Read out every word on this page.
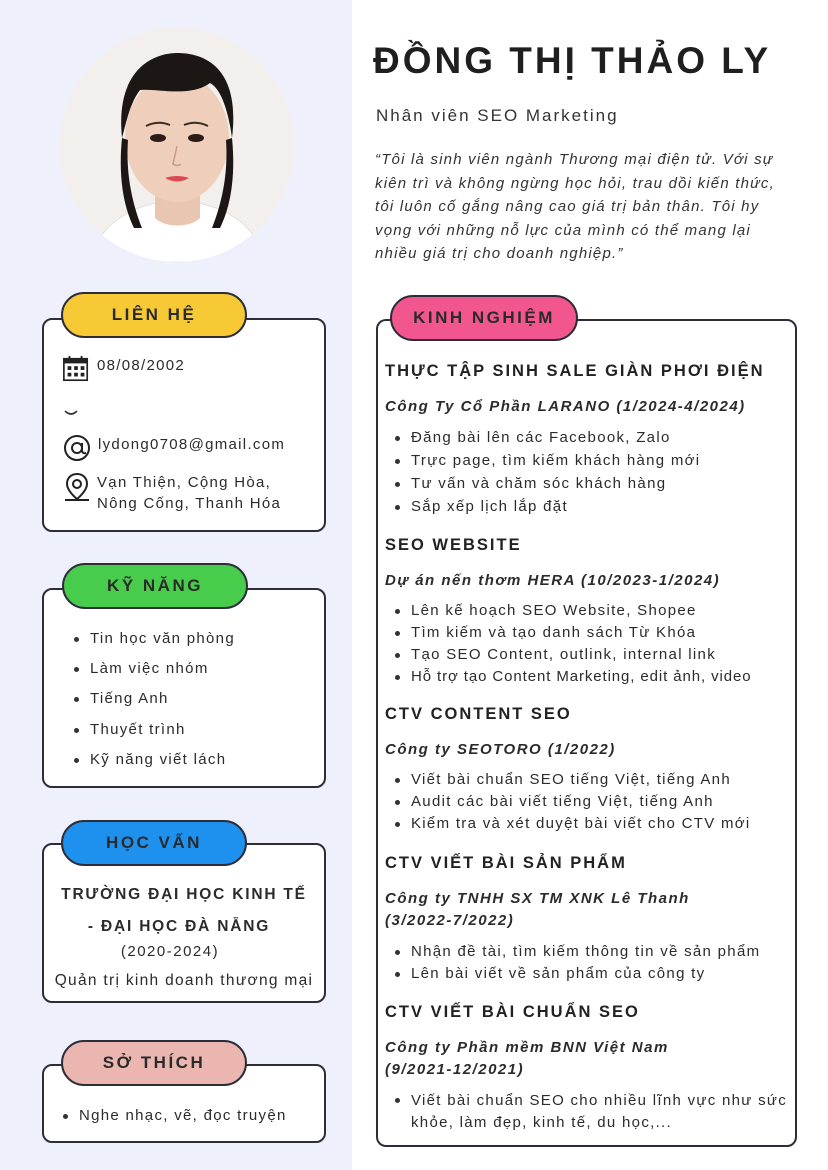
ĐỒNG THỊ THẢO LY
Nhân viên SEO Marketing
“Tôi là sinh viên ngành Thương mại điện tử. Với sự kiên trì và không ngừng học hỏi, trau dồi kiến thức, tôi luôn cố gắng nâng cao giá trị bản thân. Tôi hy vọng với những nỗ lực của mình có thể mang lại nhiều giá trị cho doanh nghiệp.”
LIÊN HỆ
08/08/2002
lydong0708@gmail.com
Vạn Thiện, Cộng Hòa,
Nông Cống, Thanh Hóa
KỸ NĂNG
Tin học văn phòng
Làm việc nhóm
Tiếng Anh
Thuyết trình
Kỹ năng viết lách
HỌC VẤN
TRƯỜNG ĐẠI HỌC KINH TẾ
- ĐẠI HỌC ĐÀ NẴNG
(2020-2024)
Quản trị kinh doanh thương mại
SỞ THÍCH
Nghe nhạc, vẽ, đọc truyện
KINH NGHIỆM
THỰC TẬP SINH SALE GIÀN PHƠI ĐIỆN
Công Ty Cổ Phần LARANO (1/2024-4/2024)
Đăng bài lên các Facebook, Zalo
Trực page, tìm kiếm khách hàng mới
Tư vấn và chăm sóc khách hàng
Sắp xếp lịch lắp đặt
SEO WEBSITE
Dự án nến thơm HERA (10/2023-1/2024)
Lên kế hoạch SEO Website, Shopee
Tìm kiếm và tạo danh sách Từ Khóa
Tạo SEO Content, outlink, internal link
Hỗ trợ tạo Content Marketing, edit ảnh, video
CTV CONTENT SEO
Công ty SEOTORO (1/2022)
Viết bài chuẩn SEO tiếng Việt, tiếng Anh
Audit các bài viết tiếng Việt, tiếng Anh
Kiểm tra và xét duyệt bài viết cho CTV mới
CTV VIẾT BÀI SẢN PHẨM
Công ty TNHH SX TM XNK Lê Thanh (3/2022-7/2022)
Nhận đề tài, tìm kiếm thông tin về sản phẩm
Lên bài viết về sản phẩm của công ty
CTV VIẾT BÀI CHUẨN SEO
Công ty Phần mềm BNN Việt Nam (9/2021-12/2021)
Viết bài chuẩn SEO cho nhiều lĩnh vực như sức khỏe, làm đẹp, kinh tế, du học,...
